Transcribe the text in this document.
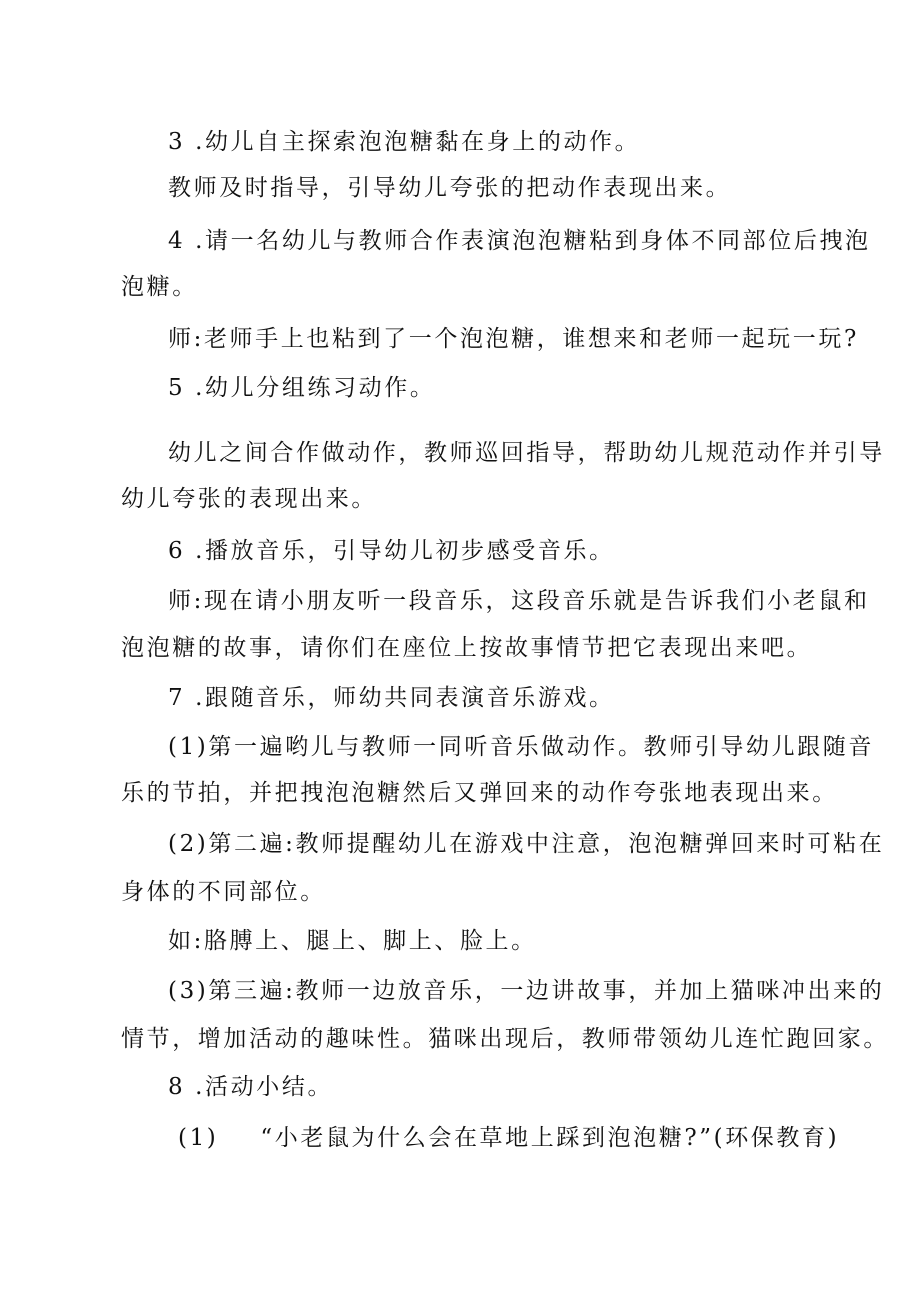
3 .幼儿自主探索泡泡糖黏在身上的动作。
教师及时指导，引导幼儿夸张的把动作表现出来。
4 .请一名幼儿与教师合作表演泡泡糖粘到身体不同部位后拽泡
泡糖。
师:老师手上也粘到了一个泡泡糖，谁想来和老师一起玩一玩?
5 .幼儿分组练习动作。
幼儿之间合作做动作，教师巡回指导，帮助幼儿规范动作并引导
幼儿夸张的表现出来。
6 .播放音乐，引导幼儿初步感受音乐。
师:现在请小朋友听一段音乐，这段音乐就是告诉我们小老鼠和
泡泡糖的故事，请你们在座位上按故事情节把它表现出来吧。
7 .跟随音乐，师幼共同表演音乐游戏。
(1)第一遍哟儿与教师一同听音乐做动作。教师引导幼儿跟随音
乐的节拍，并把拽泡泡糖然后又弹回来的动作夸张地表现出来。
(2)第二遍:教师提醒幼儿在游戏中注意，泡泡糖弹回来时可粘在
身体的不同部位。
如:胳膊上、腿上、脚上、脸上。
(3)第三遍:教师一边放音乐，一边讲故事，并加上猫咪冲出来的
情节，增加活动的趣味性。猫咪出现后，教师带领幼儿连忙跑回家。
8 .活动小结。
(1) “小老鼠为什么会在草地上踩到泡泡糖?”(环保教育)
